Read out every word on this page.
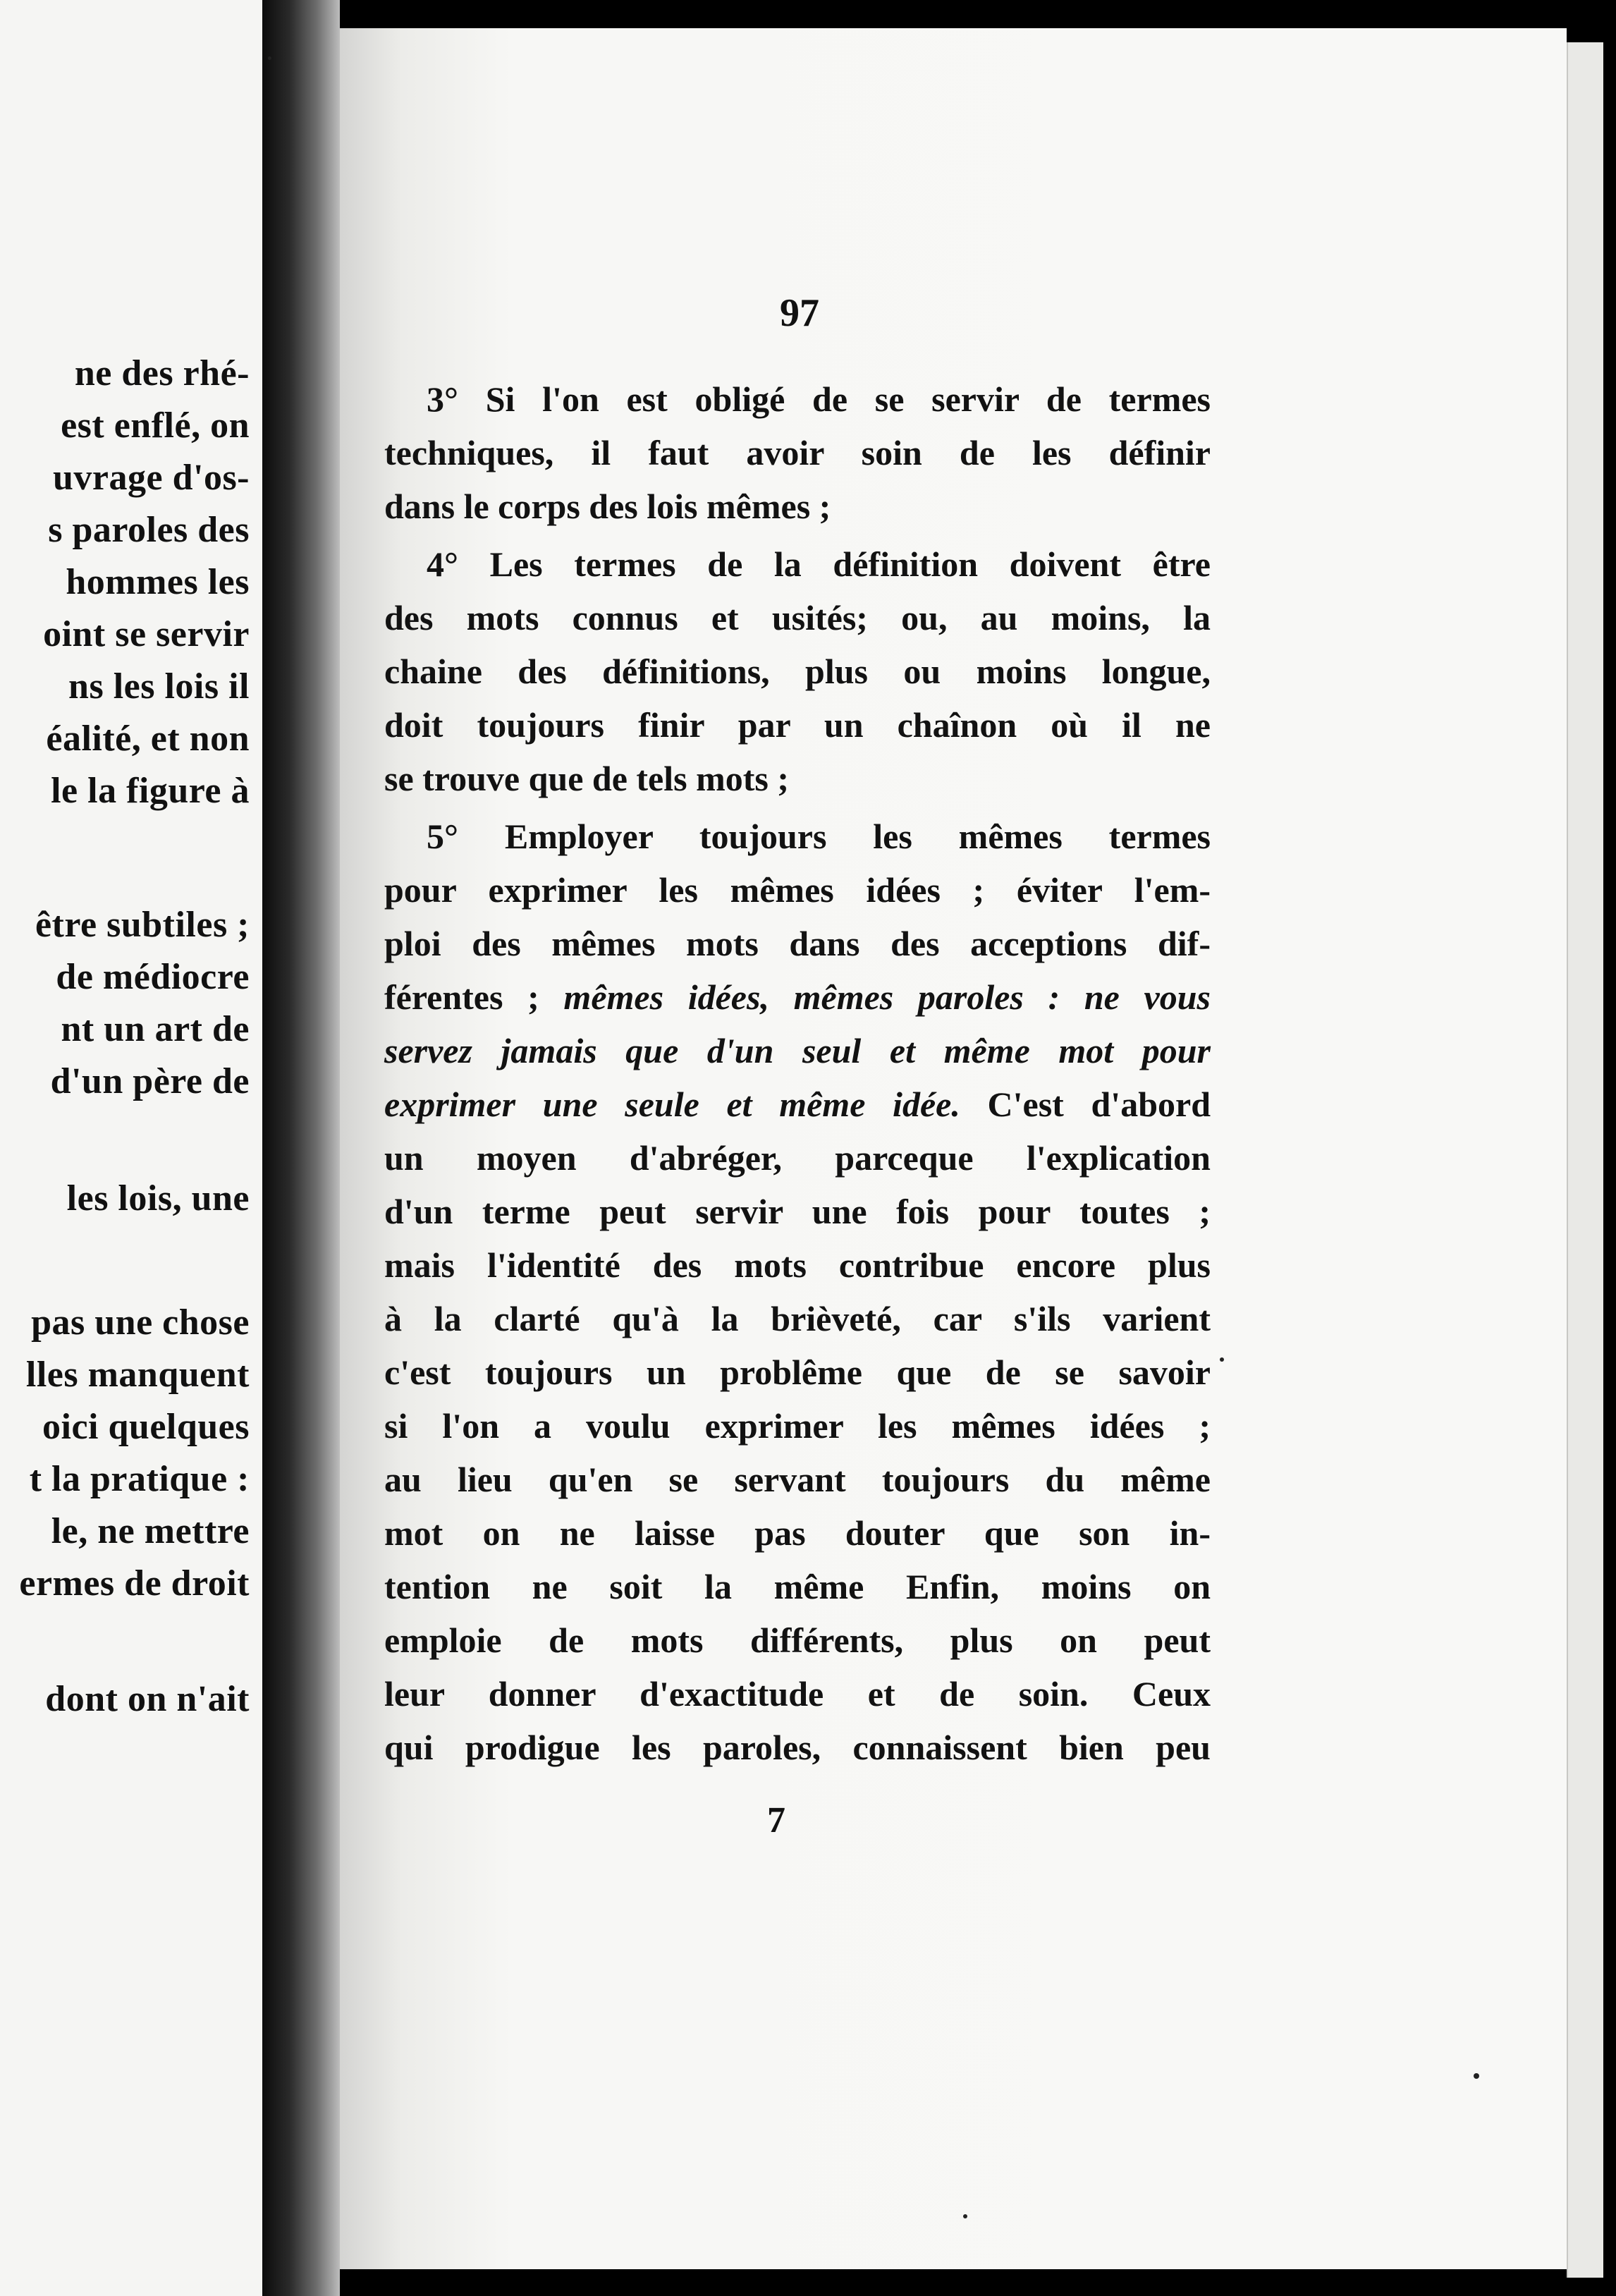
ne des rhé-
est enflé, on
uvrage d'os-
s paroles des
hommes les
oint se servir
ns les lois il
éalité, et non
le la figure à
être subtiles ;
de médiocre
nt un art de
d'un père de
les lois, une
pas une chose
lles manquent
oici quelques
t la pratique :
le, ne mettre
ermes de droit
dont on n'ait
97
3° Si l'on est obligé de se servir de termes
techniques, il faut avoir soin de les définir
dans le corps des lois mêmes ;
4° Les termes de la définition doivent être
des mots connus et usités; ou, au moins, la
chaine des définitions, plus ou moins longue,
doit toujours finir par un chaînon où il ne
se trouve que de tels mots ;
5° Employer toujours les mêmes termes
pour exprimer les mêmes idées ; éviter l'em-
ploi des mêmes mots dans des acceptions dif-
férentes ; mêmes idées, mêmes paroles : ne vous
servez jamais que d'un seul et même mot pour
exprimer une seule et même idée. C'est d'abord
un moyen d'abréger, parceque l'explication
d'un terme peut servir une fois pour toutes ;
mais l'identité des mots contribue encore plus
à la clarté qu'à la brièveté, car s'ils varient
c'est toujours un problême que de se savoir
si l'on a voulu exprimer les mêmes idées ;
au lieu qu'en se servant toujours du même
mot on ne laisse pas douter que son in-
tention ne soit la même Enfin, moins on
emploie de mots différents, plus on peut
leur donner d'exactitude et de soin. Ceux
qui prodigue les paroles, connaissent bien peu
7
